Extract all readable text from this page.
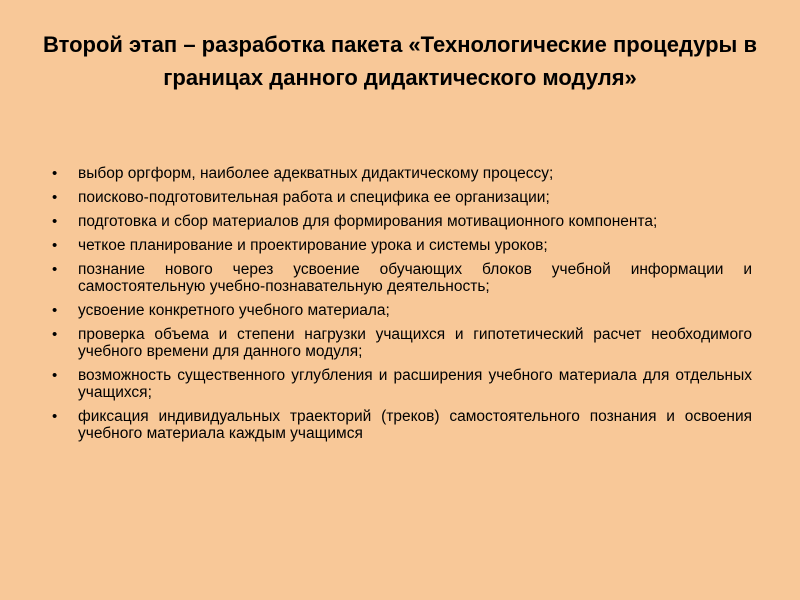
Второй этап – разработка пакета «Технологические процедуры в границах данного дидактического модуля»
• выбор оргформ, наиболее адекватных дидактическому процессу;
• поисково-подготовительная работа и специфика ее организации;
• подготовка и сбор материалов для формирования мотивационного компонента;
• четкое планирование и проектирование урока и системы уроков;
• познание нового через усвоение обучающих блоков учебной информации и самостоятельную учебно-познавательную деятельность;
• усвоение конкретного учебного материала;
• проверка объема и степени нагрузки учащихся и гипотетический расчет необходимого учебного времени для данного модуля;
• возможность существенного углубления и расширения учебного материала для отдельных учащихся;
• фиксация индивидуальных траекторий (треков) самостоятельного познания и освоения учебного материала каждым учащимся
